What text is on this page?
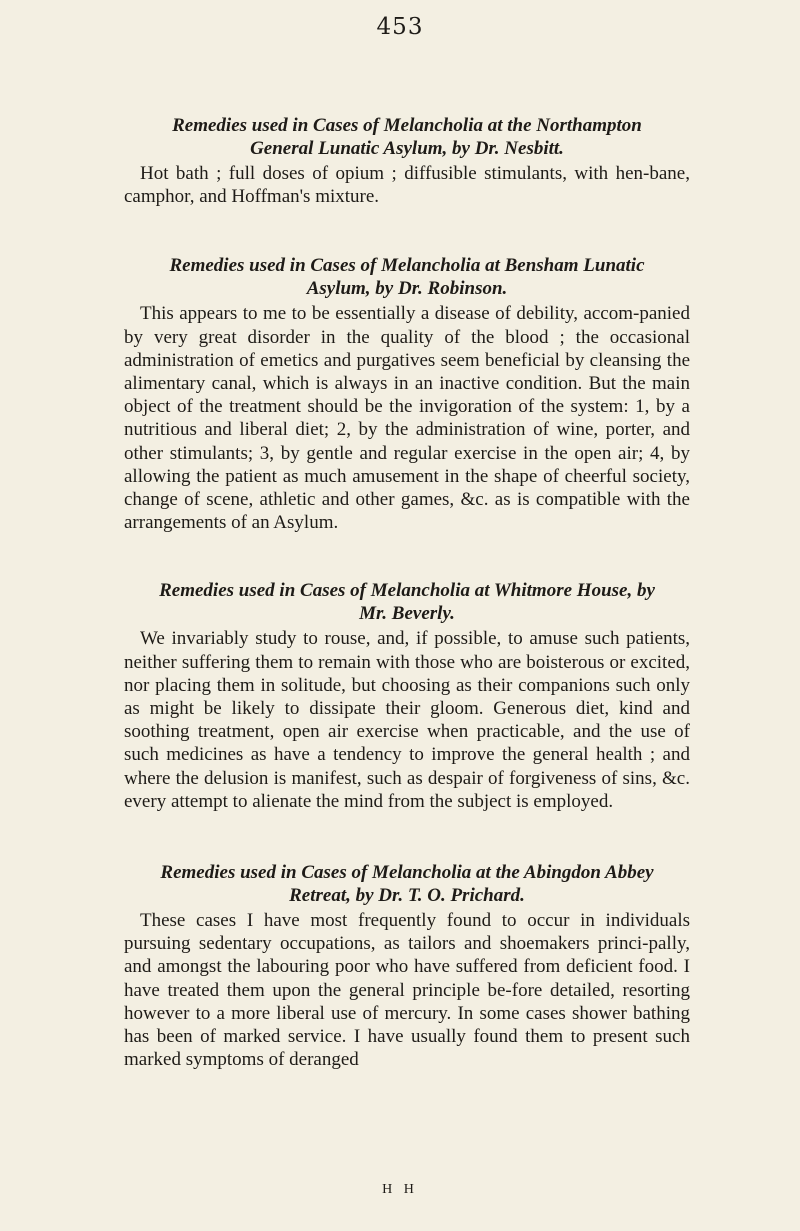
453
Remedies used in Cases of Melancholia at the Northampton
General Lunatic Asylum, by Dr. Nesbitt.

Hot bath ; full doses of opium ; diffusible stimulants, with hen-bane, camphor, and Hoffman's mixture.

Remedies used in Cases of Melancholia at Bensham Lunatic
Asylum, by Dr. Robinson.

This appears to me to be essentially a disease of debility, accom-panied by very great disorder in the quality of the blood ; the occasional administration of emetics and purgatives seem beneficial by cleansing the alimentary canal, which is always in an inactive condition. But the main object of the treatment should be the invigoration of the system: 1, by a nutritious and liberal diet; 2, by the administration of wine, porter, and other stimulants; 3, by gentle and regular exercise in the open air; 4, by allowing the patient as much amusement in the shape of cheerful society, change of scene, athletic and other games, &c. as is compatible with the arrangements of an Asylum.

Remedies used in Cases of Melancholia at Whitmore House, by
Mr. Beverly.

We invariably study to rouse, and, if possible, to amuse such patients, neither suffering them to remain with those who are boisterous or excited, nor placing them in solitude, but choosing as their companions such only as might be likely to dissipate their gloom. Generous diet, kind and soothing treatment, open air exercise when practicable, and the use of such medicines as have a tendency to improve the general health ; and where the delusion is manifest, such as despair of forgiveness of sins, &c. every attempt to alienate the mind from the subject is employed.

Remedies used in Cases of Melancholia at the Abingdon Abbey
Retreat, by Dr. T. O. Prichard.

These cases I have most frequently found to occur in individuals pursuing sedentary occupations, as tailors and shoemakers princi-pally, and amongst the labouring poor who have suffered from deficient food. I have treated them upon the general principle be-fore detailed, resorting however to a more liberal use of mercury. In some cases shower bathing has been of marked service. I have usually found them to present such marked symptoms of deranged

H H
